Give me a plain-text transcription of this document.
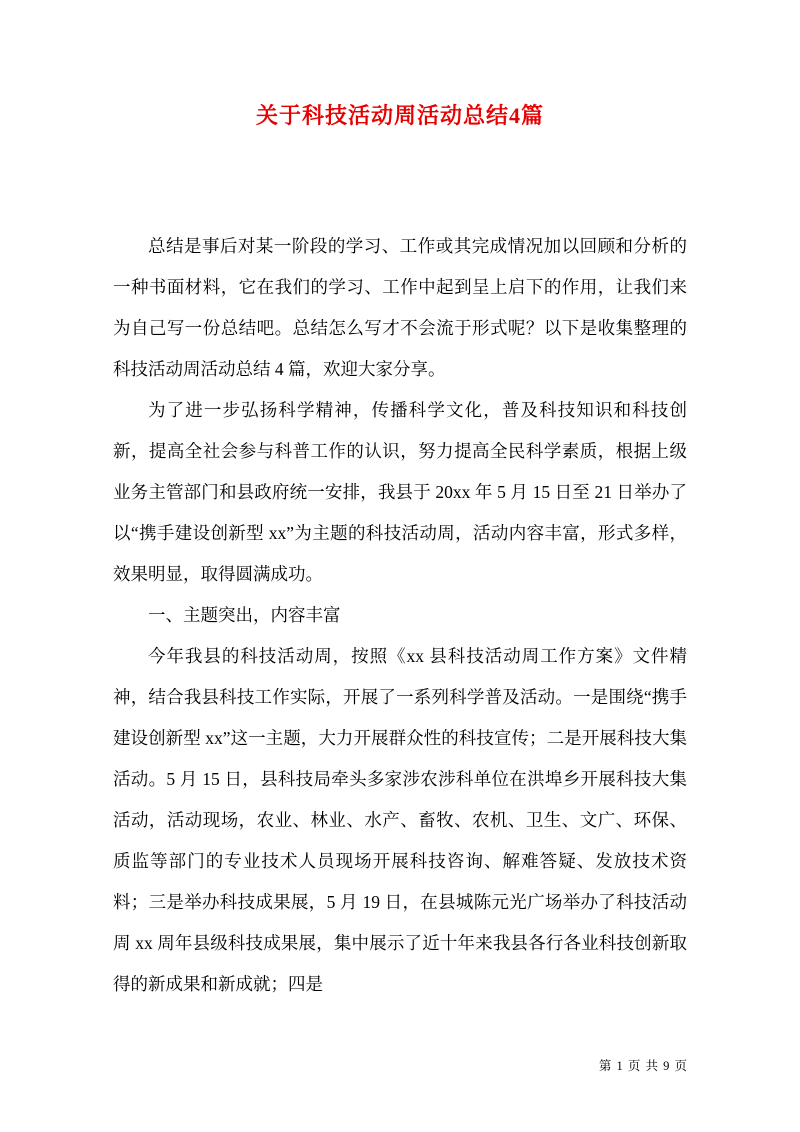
关于科技活动周活动总结4篇

总结是事后对某一阶段的学习、工作或其完成情况加以回顾和分析的一种书面材料，它在我们的学习、工作中起到呈上启下的作用，让我们来为自己写一份总结吧。总结怎么写才不会流于形式呢？以下是收集整理的科技活动周活动总结 4 篇，欢迎大家分享。

为了进一步弘扬科学精神，传播科学文化，普及科技知识和科技创新，提高全社会参与科普工作的认识，努力提高全民科学素质，根据上级业务主管部门和县政府统一安排，我县于 20xx 年 5 月 15 日至 21 日举办了以“携手建设创新型 xx”为主题的科技活动周，活动内容丰富，形式多样，效果明显，取得圆满成功。

一、主题突出，内容丰富

今年我县的科技活动周，按照《xx 县科技活动周工作方案》文件精神，结合我县科技工作实际，开展了一系列科学普及活动。一是围绕“携手建设创新型 xx”这一主题，大力开展群众性的科技宣传；二是开展科技大集活动。5 月 15 日，县科技局牵头多家涉农涉科单位在洪埠乡开展科技大集活动，活动现场，农业、林业、水产、畜牧、农机、卫生、文广、环保、质监等部门的专业技术人员现场开展科技咨询、解难答疑、发放技术资料；三是举办科技成果展，5 月 19 日，在县城陈元光广场举办了科技活动周 xx 周年县级科技成果展，集中展示了近十年来我县各行各业科技创新取得的新成果和新成就；四是

第 1 页 共 9 页
